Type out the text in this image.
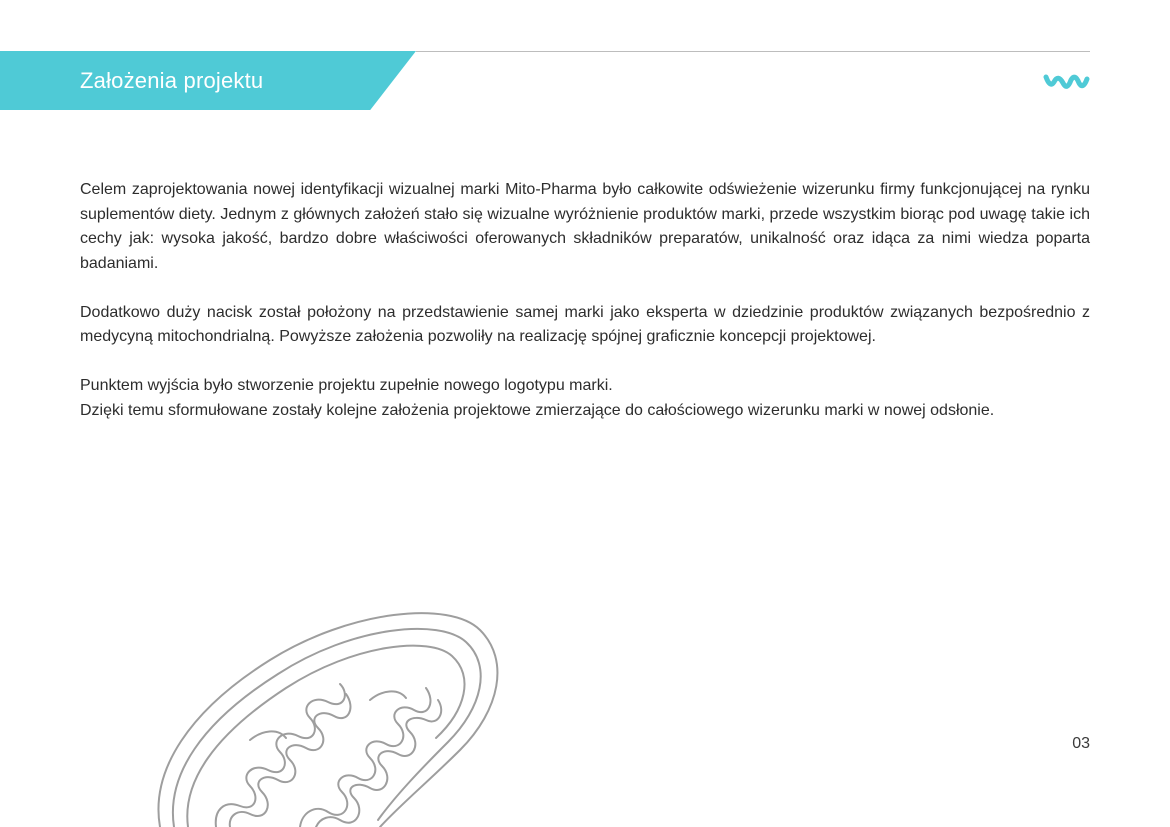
Założenia projektu

Celem zaprojektowania nowej identyfikacji wizualnej marki Mito-Pharma było całkowite odświeżenie wizerunku firmy funkcjonującej na rynku suplementów diety. Jednym z głównych założeń stało się wizualne wyróżnienie produktów marki, przede wszystkim biorąc pod uwagę takie ich cechy jak: wysoka jakość, bardzo dobre właściwości oferowanych składników preparatów, unikalność oraz idąca za nimi wiedza poparta badaniami.

Dodatkowo duży nacisk został położony na przedstawienie samej marki jako eksperta w dziedzinie produktów związanych bezpośrednio z medycyną mitochondrialną. Powyższe założenia pozwoliły na realizację spójnej graficznie koncepcji projektowej.

Punktem wyjścia było stworzenie projektu zupełnie nowego logotypu marki.

Dzięki temu sformułowane zostały kolejne założenia projektowe zmierzające do całościowego wizerunku marki w nowej odsłonie.

03
